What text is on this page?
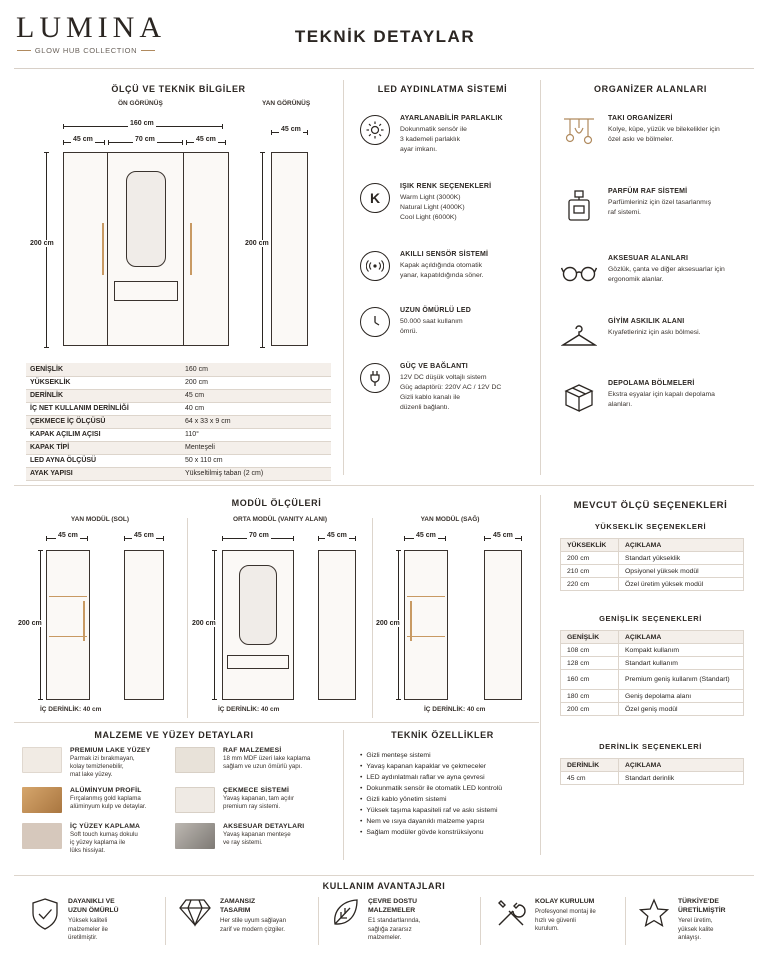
LUMINA
GLOW HUB COLLECTION
TEKNİK DETAYLAR
ÖLÇÜ VE TEKNİK BİLGİLER
ÖN GÖRÜNÜŞ	YAN GÖRÜNÜŞ
160 cm
45 cm	70 cm	45 cm
200 cm
45 cm
200 cm
GENİŞLİK	160 cm
YÜKSEKLİK	200 cm
DERİNLİK	45 cm
İÇ NET KULLANIM DERİNLİĞİ	40 cm
ÇEKMECE İÇ ÖLÇÜSÜ	64 x 33 x 9 cm
KAPAK AÇILIM AÇISI	110°
KAPAK TİPİ	Menteşeli
LED AYNA ÖLÇÜSÜ	50 x 110 cm
AYAK YAPISI	Yükseltilmiş taban (2 cm)
LED AYDINLATMA SİSTEMİ
AYARLANABİLİR PARLAKLIK
Dokunmatik sensör ile
3 kademeli parlaklık
ayar imkanı.
K
IŞIK RENK SEÇENEKLERİ
Warm Light (3000K)
Natural Light (4000K)
Cool Light (6000K)
AKILLI SENSÖR SİSTEMİ
Kapak açıldığında otomatik
yanar, kapatıldığında söner.
UZUN ÖMÜRLÜ LED
50.000 saat kullanım
ömrü.
GÜÇ VE BAĞLANTI
12V DC düşük voltajlı sistem
Güç adaptörü: 220V AC / 12V DC
Gizli kablo kanalı ile
düzenli bağlantı.
ORGANİZER ALANLARI
TAKI ORGANİZERİ
Kolye, küpe, yüzük ve bilekelikler için
özel askı ve bölmeler.
PARFÜM RAF SİSTEMİ
Parfümleriniz için özel tasarlanmış
raf sistemi.
AKSESUAR ALANLARI
Gözlük, çanta ve diğer aksesuarlar için
ergonomik alanlar.
GİYİM ASKILIK ALANI
Kıyafetleriniz için askı bölmesi.
DEPOLAMA BÖLMELERİ
Ekstra eşyalar için kapalı depolama
alanları.
MODÜL ÖLÇÜLERİ
YAN MODÜL (SOL)
45 cm	45 cm
200 cm
İÇ DERİNLİK: 40 cm
ORTA MODÜL (VANITY ALANI)
70 cm	45 cm
200 cm
İÇ DERİNLİK: 40 cm
YAN MODÜL (SAĞ)
45 cm	45 cm
200 cm
İÇ DERİNLİK: 40 cm
MEVCUT ÖLÇÜ SEÇENEKLERİ
YÜKSEKLİK SEÇENEKLERİ
YÜKSEKLİK	AÇIKLAMA
200 cm	Standart yükseklik
210 cm	Opsiyonel yüksek modül
220 cm	Özel üretim yüksek modül
GENİŞLİK SEÇENEKLERİ
GENİŞLİK	AÇIKLAMA
108 cm	Kompakt kullanım
128 cm	Standart kullanım
160 cm	Premium geniş kullanım (Standart)
180 cm	Geniş depolama alanı
200 cm	Özel geniş modül
DERİNLİK SEÇENEKLERİ
DERİNLİK	AÇIKLAMA
45 cm	Standart derinlik
MALZEME VE YÜZEY DETAYLARI
PREMIUM LAKE YÜZEY
Parmak izi bırakmayan,
kolay temizlenebilir,
mat lake yüzey.
RAF MALZEMESİ
18 mm MDF üzeri lake kaplama
sağlam ve uzun ömürlü yapı.
ALÜMİNYUM PROFİL
Fırçalanmış gold kaplama
alüminyum kulp ve detaylar.
ÇEKMECE SİSTEMİ
Yavaş kapanan, tam açılır
premium ray sistemi.
İÇ YÜZEY KAPLAMA
Soft touch kumaş dokulu
iç yüzey kaplama ile
lüks hissiyat.
AKSESUAR DETAYLARI
Yavaş kapanan menteşe
ve ray sistemi.
TEKNİK ÖZELLİKLER
• Gizli menteşe sistemi
• Yavaş kapanan kapaklar ve çekmeceler
• LED aydınlatmalı raflar ve ayna çevresi
• Dokunmatik sensör ile otomatik LED kontrolü
• Gizli kablo yönetim sistemi
• Yüksek taşıma kapasiteli raf ve askı sistemi
• Nem ve ısıya dayanıklı malzeme yapısı
• Sağlam modüler gövde konstrüksiyonu
KULLANIM AVANTAJLARI
DAYANIKLI VE
UZUN ÖMÜRLÜ
Yüksek kaliteli
malzemeler ile
üretilmiştir.
ZAMANSIZ
TASARIM
Her stile uyum sağlayan
zarif ve modern çizgiler.
ÇEVRE DOSTU
MALZEMELER
E1 standartlarında,
sağlığa zararsız
malzemeler.
KOLAY KURULUM
Profesyonel montaj ile
hızlı ve güvenli
kurulum.
TÜRKİYE'DE
ÜRETİLMİŞTİR
Yerel üretim,
yüksek kalite
anlayışı.
